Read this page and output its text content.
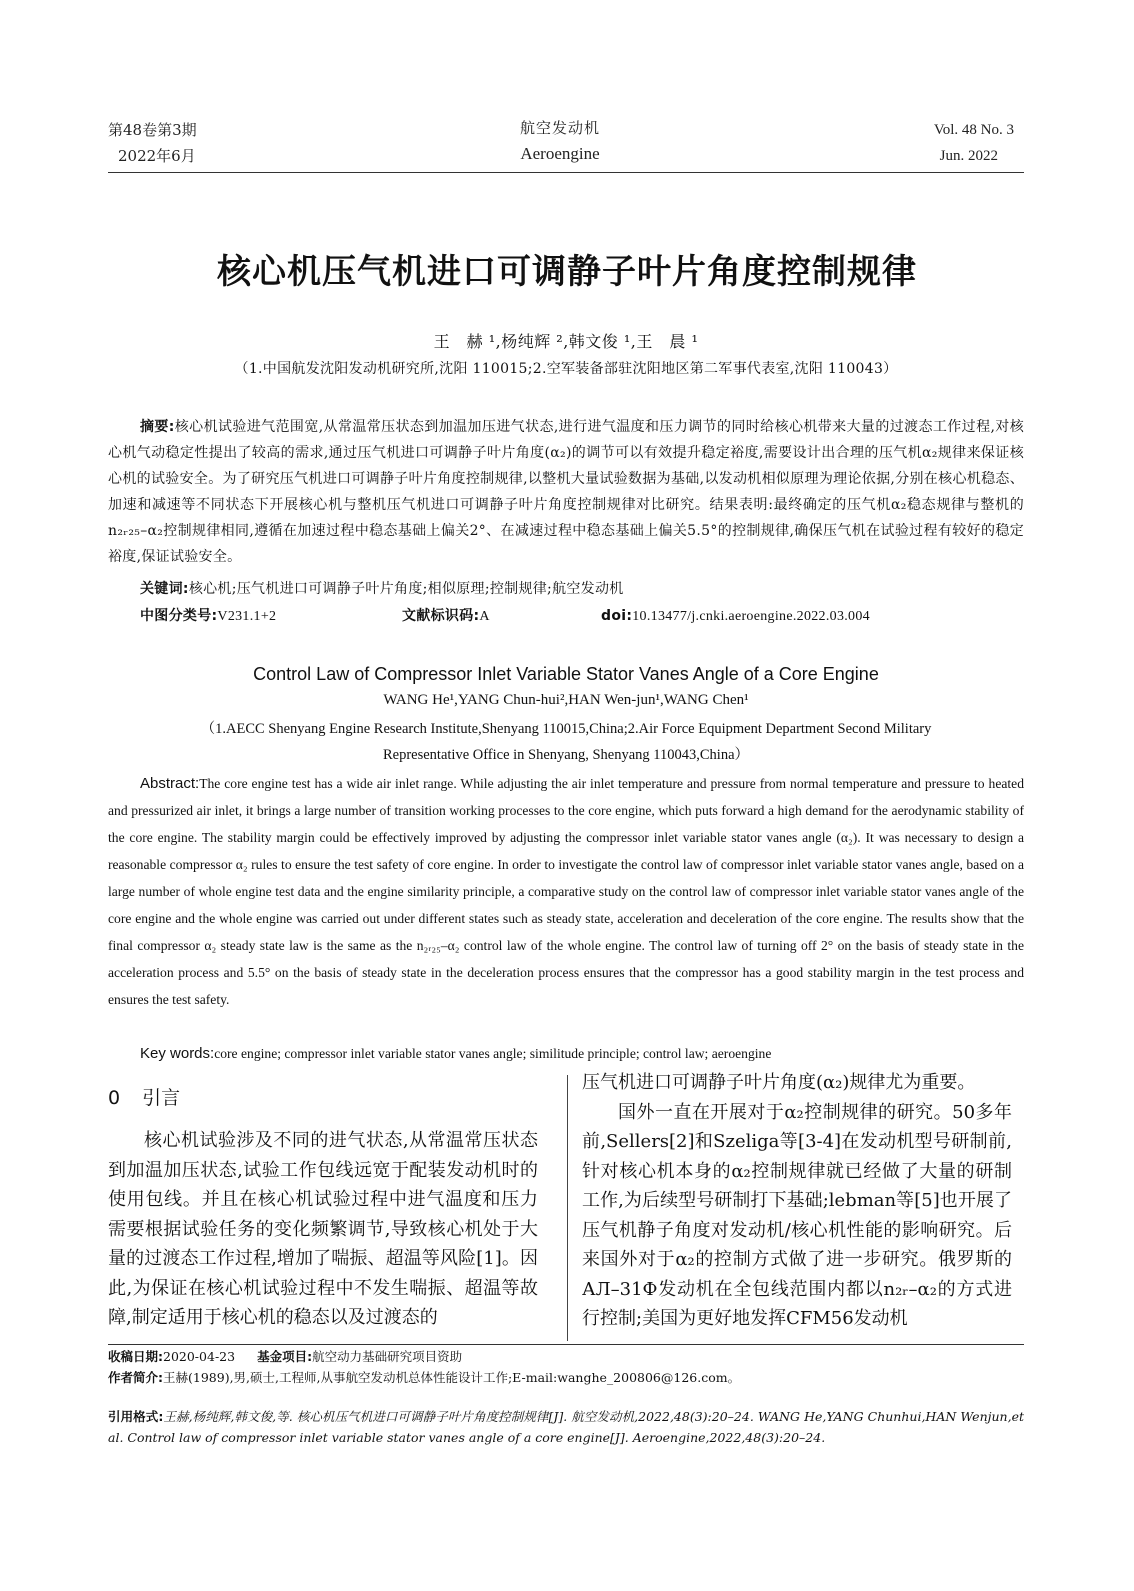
第48卷第3期
2022年6月
航空发动机
Aeroengine
Vol. 48 No. 3
Jun. 2022
核心机压气机进口可调静子叶片角度控制规律
王　赫 ¹,杨纯辉 ²,韩文俊 ¹,王　晨 ¹
（1.中国航发沈阳发动机研究所,沈阳 110015;2.空军装备部驻沈阳地区第二军事代表室,沈阳 110043）
摘要:核心机试验进气范围宽,从常温常压状态到加温加压进气状态,进行进气温度和压力调节的同时给核心机带来大量的过渡态工作过程,对核心机气动稳定性提出了较高的需求,通过压气机进口可调静子叶片角度(α₂)的调节可以有效提升稳定裕度,需要设计出合理的压气机α₂规律来保证核心机的试验安全。为了研究压气机进口可调静子叶片角度控制规律,以整机大量试验数据为基础,以发动机相似原理为理论依据,分别在核心机稳态、加速和减速等不同状态下开展核心机与整机压气机进口可调静子叶片角度控制规律对比研究。结果表明:最终确定的压气机α₂稳态规律与整机的n₂ᵣ₂₅–α₂控制规律相同,遵循在加速过程中稳态基础上偏关2°、在减速过程中稳态基础上偏关5.5°的控制规律,确保压气机在试验过程有较好的稳定裕度,保证试验安全。
关键词:核心机;压气机进口可调静子叶片角度;相似原理;控制规律;航空发动机
中图分类号:V231.1+2	文献标识码:A	doi:10.13477/j.cnki.aeroengine.2022.03.004
Control Law of Compressor Inlet Variable Stator Vanes Angle of a Core Engine
WANG He¹,YANG Chun-hui²,HAN Wen-jun¹,WANG Chen¹
（1.AECC Shenyang Engine Research Institute,Shenyang 110015,China;2.Air Force Equipment Department Second Military
Representative Office in Shenyang, Shenyang 110043,China）
Abstract:The core engine test has a wide air inlet range. While adjusting the air inlet temperature and pressure from normal temperature and pressure to heated and pressurized air inlet, it brings a large number of transition working processes to the core engine, which puts forward a high demand for the aerodynamic stability of the core engine. The stability margin could be effectively improved by adjusting the compressor inlet variable stator vanes angle (α₂). It was necessary to design a reasonable compressor α₂ rules to ensure the test safety of core engine. In order to investigate the control law of compressor inlet variable stator vanes angle, based on a large number of whole engine test data and the engine similarity principle, a comparative study on the control law of compressor inlet variable stator vanes angle of the core engine and the whole engine was carried out under different states such as steady state, acceleration and deceleration of the core engine. The results show that the final compressor α₂ steady state law is the same as the n₂ᵣ₂₅–α₂ control law of the whole engine. The control law of turning off 2° on the basis of steady state in the acceleration process and 5.5° on the basis of steady state in the deceleration process ensures that the compressor has a good stability margin in the test process and ensures the test safety.
Key words:core engine; compressor inlet variable stator vanes angle; similitude principle; control law; aeroengine
0 引言

核心机试验涉及不同的进气状态,从常温常压状态到加温加压状态,试验工作包线远宽于配装发动机时的使用包线。并且在核心机试验过程中进气温度和压力需要根据试验任务的变化频繁调节,导致核心机处于大量的过渡态工作过程,增加了喘振、超温等风险[1]。因此,为保证在核心机试验过程中不发生喘振、超温等故障,制定适用于核心机的稳态以及过渡态的

压气机进口可调静子叶片角度(α₂)规律尤为重要。

国外一直在开展对于α₂控制规律的研究。50多年前,Sellers[2]和Szeliga等[3-4]在发动机型号研制前,针对核心机本身的α₂控制规律就已经做了大量的研制工作,为后续型号研制打下基础;lebman等[5]也开展了压气机静子角度对发动机/核心机性能的影响研究。后来国外对于α₂的控制方式做了进一步研究。俄罗斯的АЛ–31Ф发动机在全包线范围内都以n₂ᵣ–α₂的方式进行控制;美国为更好地发挥CFM56发动机

收稿日期:2020-04-23 基金项目:航空动力基础研究项目资助
作者简介:王赫(1989),男,硕士,工程师,从事航空发动机总体性能设计工作;E-mail:wanghe_200806@126.com。
引用格式:王赫,杨纯辉,韩文俊,等. 核心机压气机进口可调静子叶片角度控制规律[J]. 航空发动机,2022,48(3):20–24. WANG He,YANG Chunhui,HAN Wenjun,et al. Control law of compressor inlet variable stator vanes angle of a core engine[J]. Aeroengine,2022,48(3):20–24.
